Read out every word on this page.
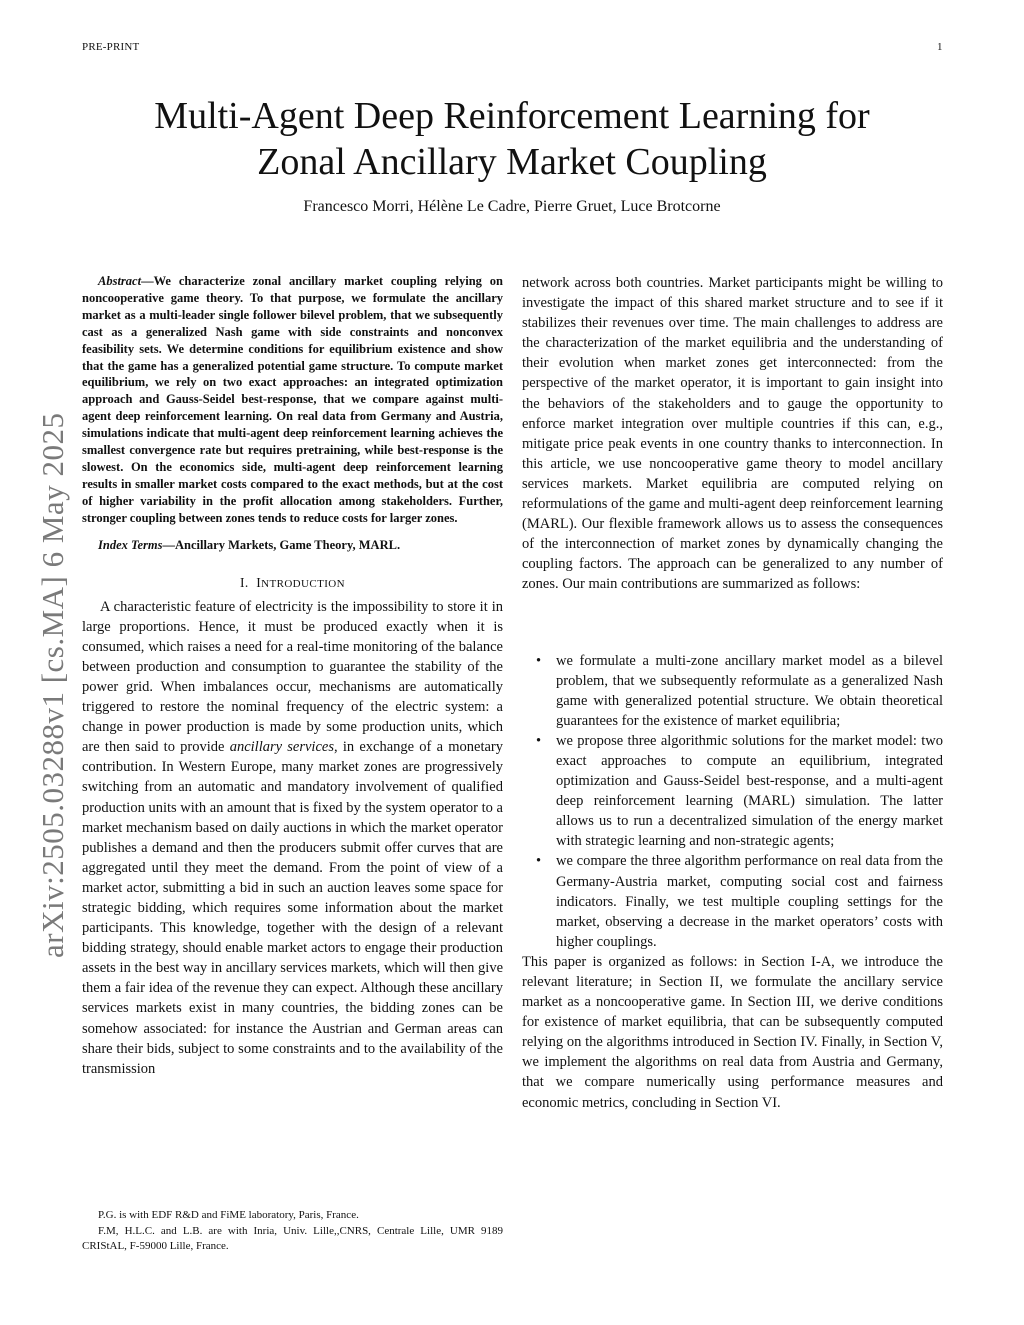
PRE-PRINT	1
Multi-Agent Deep Reinforcement Learning for
Zonal Ancillary Market Coupling
Francesco Morri, Hélène Le Cadre, Pierre Gruet, Luce Brotcorne
arXiv:2505.03288v1 [cs.MA] 6 May 2025
Abstract—We characterize zonal ancillary market coupling relying on noncooperative game theory. To that purpose, we formulate the ancillary market as a multi-leader single follower bilevel problem, that we subsequently cast as a generalized Nash game with side constraints and nonconvex feasibility sets. We determine conditions for equilibrium existence and show that the game has a generalized potential game structure. To compute market equilibrium, we rely on two exact approaches: an integrated optimization approach and Gauss-Seidel best-response, that we compare against multi-agent deep reinforcement learning. On real data from Germany and Austria, simulations indicate that multi-agent deep reinforcement learning achieves the smallest convergence rate but requires pretraining, while best-response is the slowest. On the economics side, multi-agent deep reinforcement learning results in smaller market costs compared to the exact methods, but at the cost of higher variability in the profit allocation among stakeholders. Further, stronger coupling between zones tends to reduce costs for larger zones.
Index Terms—Ancillary Markets, Game Theory, MARL.
I. INTRODUCTION

A characteristic feature of electricity is the impossibility to store it in large proportions. Hence, it must be produced exactly when it is consumed, which raises a need for a real-time monitoring of the balance between production and consumption to guarantee the stability of the power grid. When imbalances occur, mechanisms are automatically triggered to restore the nominal frequency of the electric system: a change in power production is made by some production units, which are then said to provide ancillary services, in exchange of a monetary contribution. In Western Europe, many market zones are progressively switching from an automatic and mandatory involvement of qualified production units with an amount that is fixed by the system operator to a market mechanism based on daily auctions in which the market operator publishes a demand and then the producers submit offer curves that are aggregated until they meet the demand. From the point of view of a market actor, submitting a bid in such an auction leaves some space for strategic bidding, which requires some information about the market participants. This knowledge, together with the design of a relevant bidding strategy, should enable market actors to engage their production assets in the best way in ancillary services markets, which will then give them a fair idea of the revenue they can expect. Although these ancillary services markets exist in many countries, the bidding zones can be somehow associated: for instance the Austrian and German areas can share their bids, subject to some constraints and to the availability of the transmission

P.G. is with EDF R&D and FiME laboratory, Paris, France.

F.M, H.L.C. and L.B. are with Inria, Univ. Lille,,CNRS, Centrale Lille, UMR 9189 CRIStAL, F-59000 Lille, France.

network across both countries. Market participants might be willing to investigate the impact of this shared market structure and to see if it stabilizes their revenues over time. The main challenges to address are the characterization of the market equilibria and the understanding of their evolution when market zones get interconnected: from the perspective of the market operator, it is important to gain insight into the behaviors of the stakeholders and to gauge the opportunity to enforce market integration over multiple countries if this can, e.g., mitigate price peak events in one country thanks to interconnection. In this article, we use noncooperative game theory to model ancillary services markets. Market equilibria are computed relying on reformulations of the game and multi-agent deep reinforcement learning (MARL). Our flexible framework allows us to assess the consequences of the interconnection of market zones by dynamically changing the coupling factors. The approach can be generalized to any number of zones. Our main contributions are summarized as follows:

• we formulate a multi-zone ancillary market model as a bilevel problem, that we subsequently reformulate as a generalized Nash game with generalized potential structure. We obtain theoretical guarantees for the existence of market equilibria;
• we propose three algorithmic solutions for the market model: two exact approaches to compute an equilibrium, integrated optimization and Gauss-Seidel best-response, and a multi-agent deep reinforcement learning (MARL) simulation. The latter allows us to run a decentralized simulation of the energy market with strategic learning and non-strategic agents;
• we compare the three algorithm performance on real data from the Germany-Austria market, computing social cost and fairness indicators. Finally, we test multiple coupling settings for the market, observing a decrease in the market operators’ costs with higher couplings.

This paper is organized as follows: in Section I-A, we introduce the relevant literature; in Section II, we formulate the ancillary service market as a noncooperative game. In Section III, we derive conditions for existence of market equilibria, that can be subsequently computed relying on the algorithms introduced in Section IV. Finally, in Section V, we implement the algorithms on real data from Austria and Germany, that we compare numerically using performance measures and economic metrics, concluding in Section VI.
